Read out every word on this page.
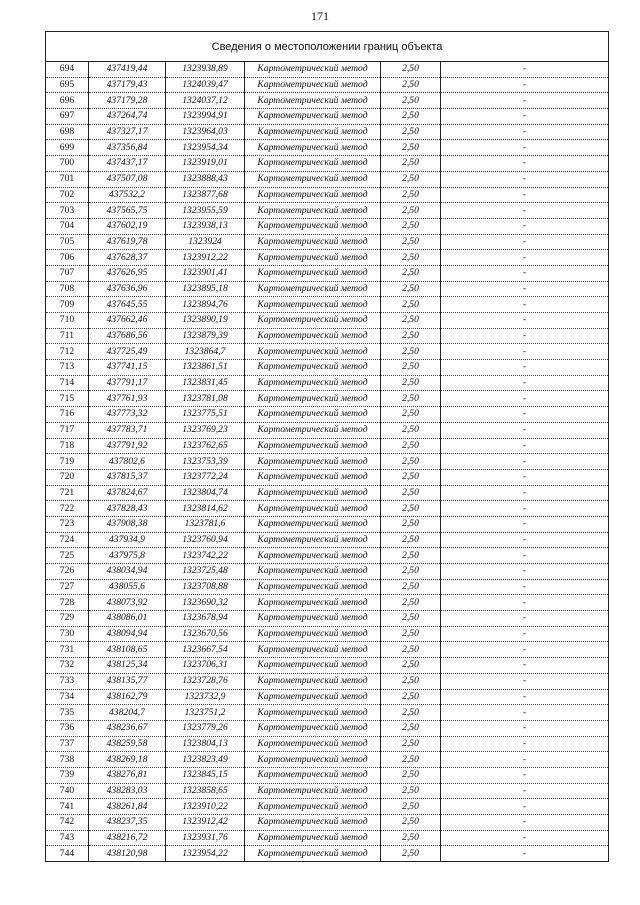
171
Сведения о местоположении границ объекта					
694	437419,44	1323938,89	Картометрический метод	2,50	-
695	437179,43	1324039,47	Картометрический метод	2,50	-
696	437179,28	1324037,12	Картометрический метод	2,50	-
697	437264,74	1323994,91	Картометрический метод	2,50	-
698	437327,17	1323964,03	Картометрический метод	2,50	-
699	437356,84	1323954,34	Картометрический метод	2,50	-
700	437437,17	1323919,01	Картометрический метод	2,50	-
701	437507,08	1323888,43	Картометрический метод	2,50	-
702	437532,2	1323877,68	Картометрический метод	2,50	-
703	437565,75	1323955,59	Картометрический метод	2,50	-
704	437602,19	1323938,13	Картометрический метод	2,50	-
705	437619,78	1323924	Картометрический метод	2,50	-
706	437628,37	1323912,22	Картометрический метод	2,50	-
707	437626,95	1323901,41	Картометрический метод	2,50	-
708	437636,96	1323895,18	Картометрический метод	2,50	-
709	437645,55	1323894,76	Картометрический метод	2,50	-
710	437662,46	1323890,19	Картометрический метод	2,50	-
711	437686,56	1323879,39	Картометрический метод	2,50	-
712	437725,49	1323864,7	Картометрический метод	2,50	-
713	437741,15	1323861,51	Картометрический метод	2,50	-
714	437791,17	1323831,45	Картометрический метод	2,50	-
715	437761,93	1323781,08	Картометрический метод	2,50	-
716	437773,32	1323775,51	Картометрический метод	2,50	-
717	437783,71	1323769,23	Картометрический метод	2,50	-
718	437791,92	1323762,65	Картометрический метод	2,50	-
719	437802,6	1323753,39	Картометрический метод	2,50	-
720	437815,37	1323772,24	Картометрический метод	2,50	-
721	437824,67	1323804,74	Картометрический метод	2,50	-
722	437828,43	1323814,62	Картометрический метод	2,50	-
723	437908,38	1323781,6	Картометрический метод	2,50	-
724	437934,9	1323760,94	Картометрический метод	2,50	-
725	437975,8	1323742,22	Картометрический метод	2,50	-
726	438034,94	1323725,48	Картометрический метод	2,50	-
727	438055,6	1323708,88	Картометрический метод	2,50	-
728	438073,92	1323690,32	Картометрический метод	2,50	-
729	438086,01	1323678,94	Картометрический метод	2,50	-
730	438094,94	1323670,56	Картометрический метод	2,50	-
731	438108,65	1323667,54	Картометрический метод	2,50	-
732	438125,34	1323706,31	Картометрический метод	2,50	-
733	438135,77	1323728,76	Картометрический метод	2,50	-
734	438162,79	1323732,9	Картометрический метод	2,50	-
735	438204,7	1323751,2	Картометрический метод	2,50	-
736	438236,67	1323779,26	Картометрический метод	2,50	-
737	438259,58	1323804,13	Картометрический метод	2,50	-
738	438269,18	1323823,49	Картометрический метод	2,50	-
739	438276,81	1323845,15	Картометрический метод	2,50	-
740	438283,03	1323858,65	Картометрический метод	2,50	-
741	438261,84	1323910,22	Картометрический метод	2,50	-
742	438237,35	1323912,42	Картометрический метод	2,50	-
743	438216,72	1323931,76	Картометрический метод	2,50	-
744	438120,98	1323954,22	Картометрический метод	2,50	-
